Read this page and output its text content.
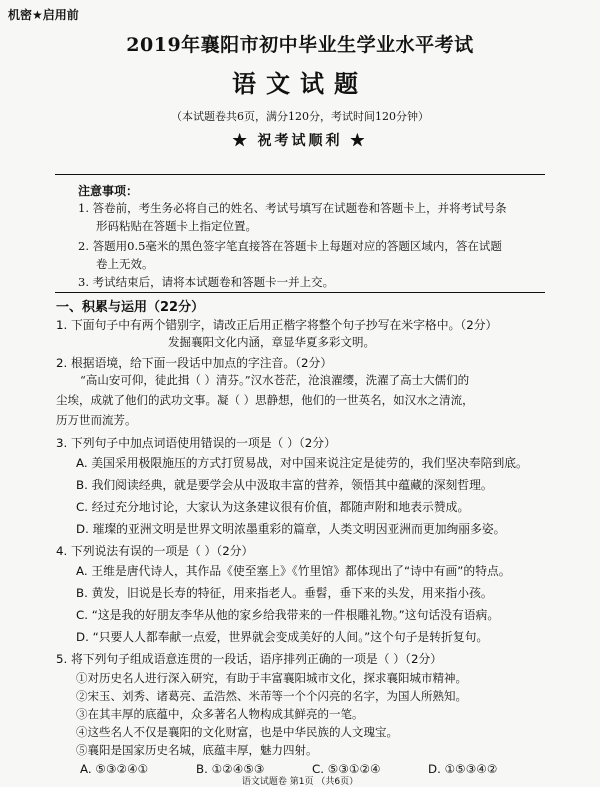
机密★启用前
2019年襄阳市初中毕业生学业水平考试
语文试题
（本试题卷共6页，满分120分，考试时间120分钟）
★ 祝考试顺利 ★
注意事项：
1. 答卷前，考生务必将自己的姓名、考试号填写在试题卷和答题卡上，并将考试号条
形码粘贴在答题卡上指定位置。
2. 答题用0.5毫米的黑色签字笔直接答在答题卡上每题对应的答题区域内，答在试题
卷上无效。
3. 考试结束后，请将本试题卷和答题卡一并上交。
一、积累与运用（22分）
1. 下面句子中有两个错别字，请改正后用正楷字将整个句子抄写在米字格中。（2分）
发掘襄阳文化内涵，章显华夏多彩文明。
2. 根据语境，给下面一段话中加点的字注音。（2分）
“高山安可仰，徒此揖（ ）清芬。”汉水苍茫，沧浪濯缨，洗濯了高士大儒们的
尘埃，成就了他们的武功文事。凝（ ）思静想，他们的一世英名，如汉水之清流，
历万世而流芳。
3. 下列句子中加点词语使用错误的一项是（ ）（2分）
A. 美国采用极限施压的方式打贸易战，对中国来说注定是徒劳的，我们坚决奉陪到底。
B. 我们阅读经典，就是要学会从中汲取丰富的营养，领悟其中蕴藏的深刻哲理。
C. 经过充分地讨论，大家认为这条建议很有价值，都随声附和地表示赞成。
D. 璀璨的亚洲文明是世界文明浓墨重彩的篇章，人类文明因亚洲而更加绚丽多姿。
4. 下列说法有误的一项是（ ）（2分）
A. 王维是唐代诗人，其作品《使至塞上》《竹里馆》都体现出了“诗中有画”的特点。
B. 黄发，旧说是长寿的特征，用来指老人。垂髫，垂下来的头发，用来指小孩。
C. “这是我的好朋友李华从他的家乡给我带来的一件根雕礼物。”这句话没有语病。
D. “只要人人都奉献一点爱，世界就会变成美好的人间。”这个句子是转折复句。
5. 将下列句子组成语意连贯的一段话，语序排列正确的一项是（ ）（2分）
①对历史名人进行深入研究，有助于丰富襄阳城市文化，探求襄阳城市精神。
②宋玉、刘秀、诸葛亮、孟浩然、米芾等一个个闪亮的名字，为国人所熟知。
③在其丰厚的底蕴中，众多著名人物构成其鲜亮的一笔。
④这些名人不仅是襄阳的文化财富，也是中华民族的人文瑰宝。
⑤襄阳是国家历史名城，底蕴丰厚，魅力四射。
A. ⑤③②④①	B. ①②④⑤③	C. ⑤③①②④	D. ①⑤③④②
语文试题卷 第1页 （共6页）
